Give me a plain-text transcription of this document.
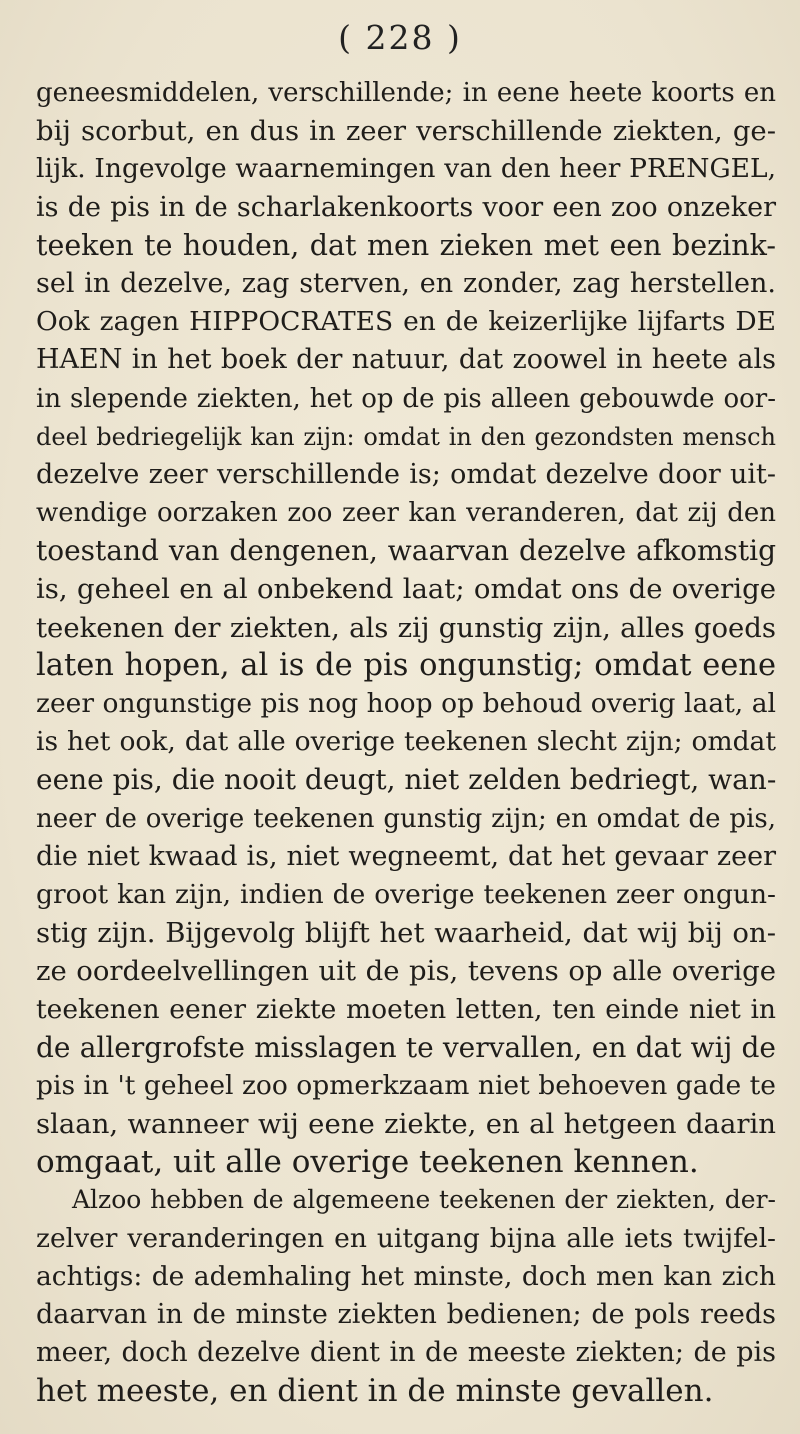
( 228 )
geneesmiddelen, verschillende; in eene heete koorts en
bij scorbut, en dus in zeer verschillende ziekten, ge-
lijk. Ingevolge waarnemingen van den heer PRENGEL,
is de pis in de scharlakenkoorts voor een zoo onzeker
teeken te houden, dat men zieken met een bezink-
sel in dezelve, zag sterven, en zonder, zag herstellen.
Ook zagen HIPPOCRATES en de keizerlijke lijfarts DE
HAEN in het boek der natuur, dat zoowel in heete als
in slepende ziekten, het op de pis alleen gebouwde oor-
deel bedriegelijk kan zijn: omdat in den gezondsten mensch
dezelve zeer verschillende is; omdat dezelve door uit-
wendige oorzaken zoo zeer kan veranderen, dat zij den
toestand van dengenen, waarvan dezelve afkomstig
is, geheel en al onbekend laat; omdat ons de overige
teekenen der ziekten, als zij gunstig zijn, alles goeds
laten hopen, al is de pis ongunstig; omdat eene
zeer ongunstige pis nog hoop op behoud overig laat, al
is het ook, dat alle overige teekenen slecht zijn; omdat
eene pis, die nooit deugt, niet zelden bedriegt, wan-
neer de overige teekenen gunstig zijn; en omdat de pis,
die niet kwaad is, niet wegneemt, dat het gevaar zeer
groot kan zijn, indien de overige teekenen zeer ongun-
stig zijn. Bijgevolg blijft het waarheid, dat wij bij on-
ze oordeelvellingen uit de pis, tevens op alle overige
teekenen eener ziekte moeten letten, ten einde niet in
de allergrofste misslagen te vervallen, en dat wij de
pis in 't geheel zoo opmerkzaam niet behoeven gade te
slaan, wanneer wij eene ziekte, en al hetgeen daarin
omgaat, uit alle overige teekenen kennen.
Alzoo hebben de algemeene teekenen der ziekten, der-
zelver veranderingen en uitgang bijna alle iets twijfel-
achtigs: de ademhaling het minste, doch men kan zich
daarvan in de minste ziekten bedienen; de pols reeds
meer, doch dezelve dient in de meeste ziekten; de pis
het meeste, en dient in de minste gevallen.
